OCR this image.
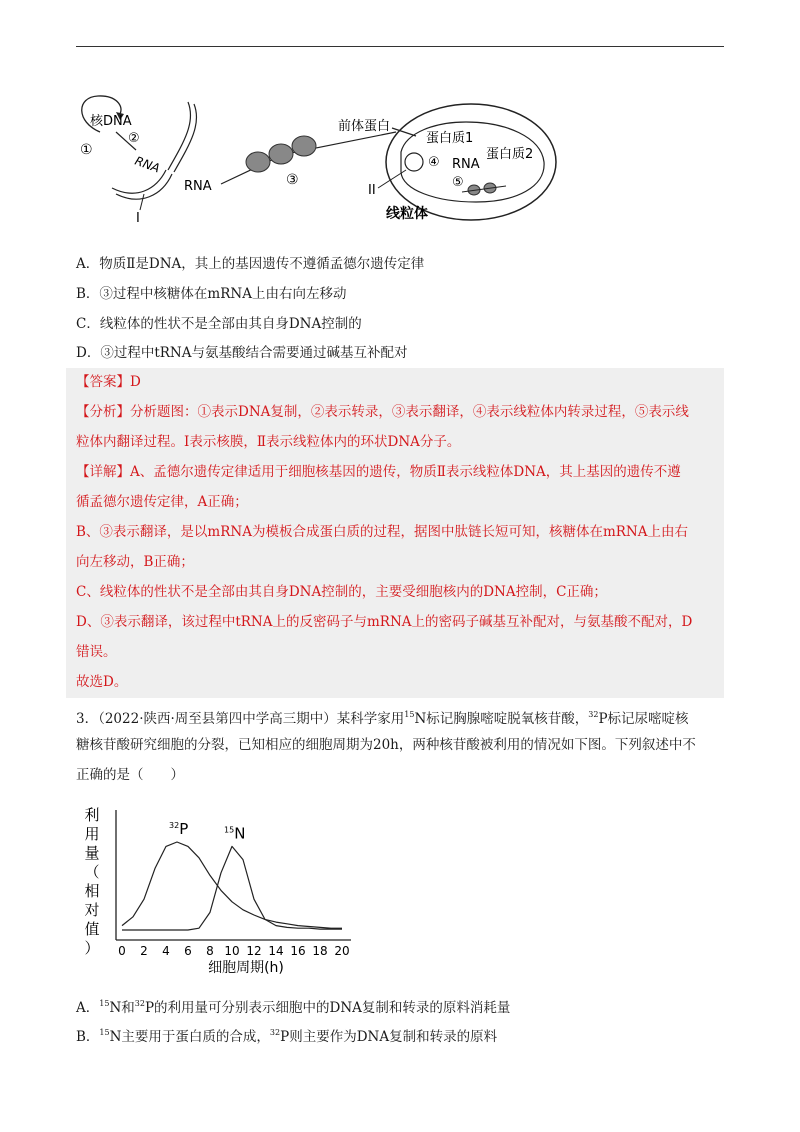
①
核DNA
②
RNA
I
RNA	③
前体蛋白
蛋白质1
蛋白质2
④ RNA
⑤
II
线粒体
A．物质Ⅱ是DNA，其上的基因遗传不遵循孟德尔遗传定律
B．③过程中核糖体在mRNA上由右向左移动
C．线粒体的性状不是全部由其自身DNA控制的
D．③过程中tRNA与氨基酸结合需要通过碱基互补配对
【答案】D
【分析】分析题图：①表示DNA复制，②表示转录，③表示翻译，④表示线粒体内转录过程，⑤表示线
粒体内翻译过程。Ⅰ表示核膜，Ⅱ表示线粒体内的环状DNA分子。
【详解】A、孟德尔遗传定律适用于细胞核基因的遗传，物质Ⅱ表示线粒体DNA，其上基因的遗传不遵
循孟德尔遗传定律，A正确；
B、③表示翻译，是以mRNA为模板合成蛋白质的过程，据图中肽链长短可知，核糖体在mRNA上由右
向左移动，B正确；
C、线粒体的性状不是全部由其自身DNA控制的，主要受细胞核内的DNA控制，C正确；
D、③表示翻译，该过程中tRNA上的反密码子与mRNA上的密码子碱基互补配对，与氨基酸不配对，D
错误。
故选D。
3．（2022·陕西·周至县第四中学高三期中）某科学家用$^{15}$N标记胸腺嘧啶脱氧核苷酸，$^{32}$P标记尿嘧啶核
糖核苷酸研究细胞的分裂，已知相应的细胞周期为20h，两种核苷酸被利用的情况如下图。下列叙述中不
正确的是（　　）
利
用
量
（
相
对
值
）
$^{32}$P	$^{15}$N
0 2 4 6 8 10 12 14 16 18 20
细胞周期(h)
A．$^{15}$N和$^{32}$P的利用量可分别表示细胞中的DNA复制和转录的原料消耗量
B．$^{15}$N主要用于蛋白质的合成，$^{32}$P则主要作为DNA复制和转录的原料
